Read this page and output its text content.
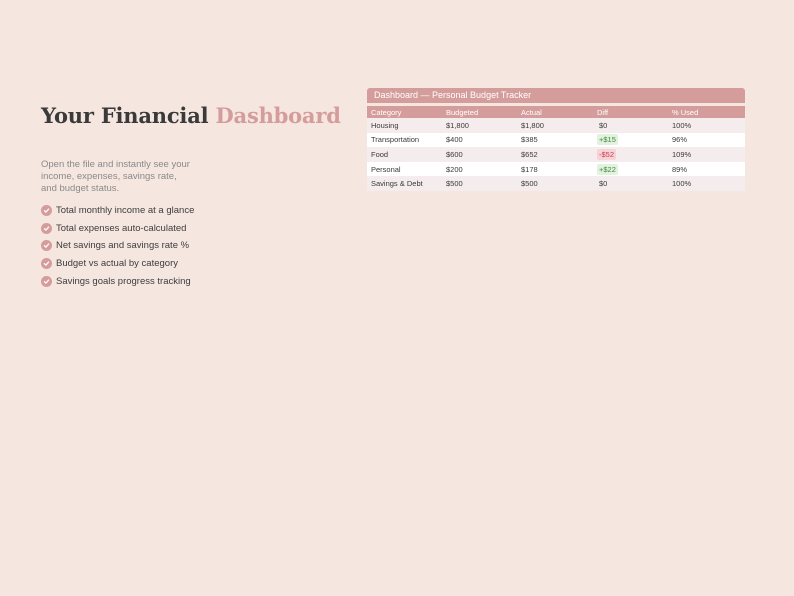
Your Financial Dashboard

Open the file and instantly see your income, expenses, savings rate, and budget status.

Total monthly income at a glance
Total expenses auto-calculated
Net savings and savings rate %
Budget vs actual by category
Savings goals progress tracking
Dashboard — Personal Budget Tracker
Category	Budgeted	Actual	Diff	% Used
Housing	$1,800	$1,800	$0	100%
Transportation	$400	$385	+$15	96%
Food	$600	$652	-$52	109%
Personal	$200	$178	+$22	89%
Savings & Debt	$500	$500	$0	100%
